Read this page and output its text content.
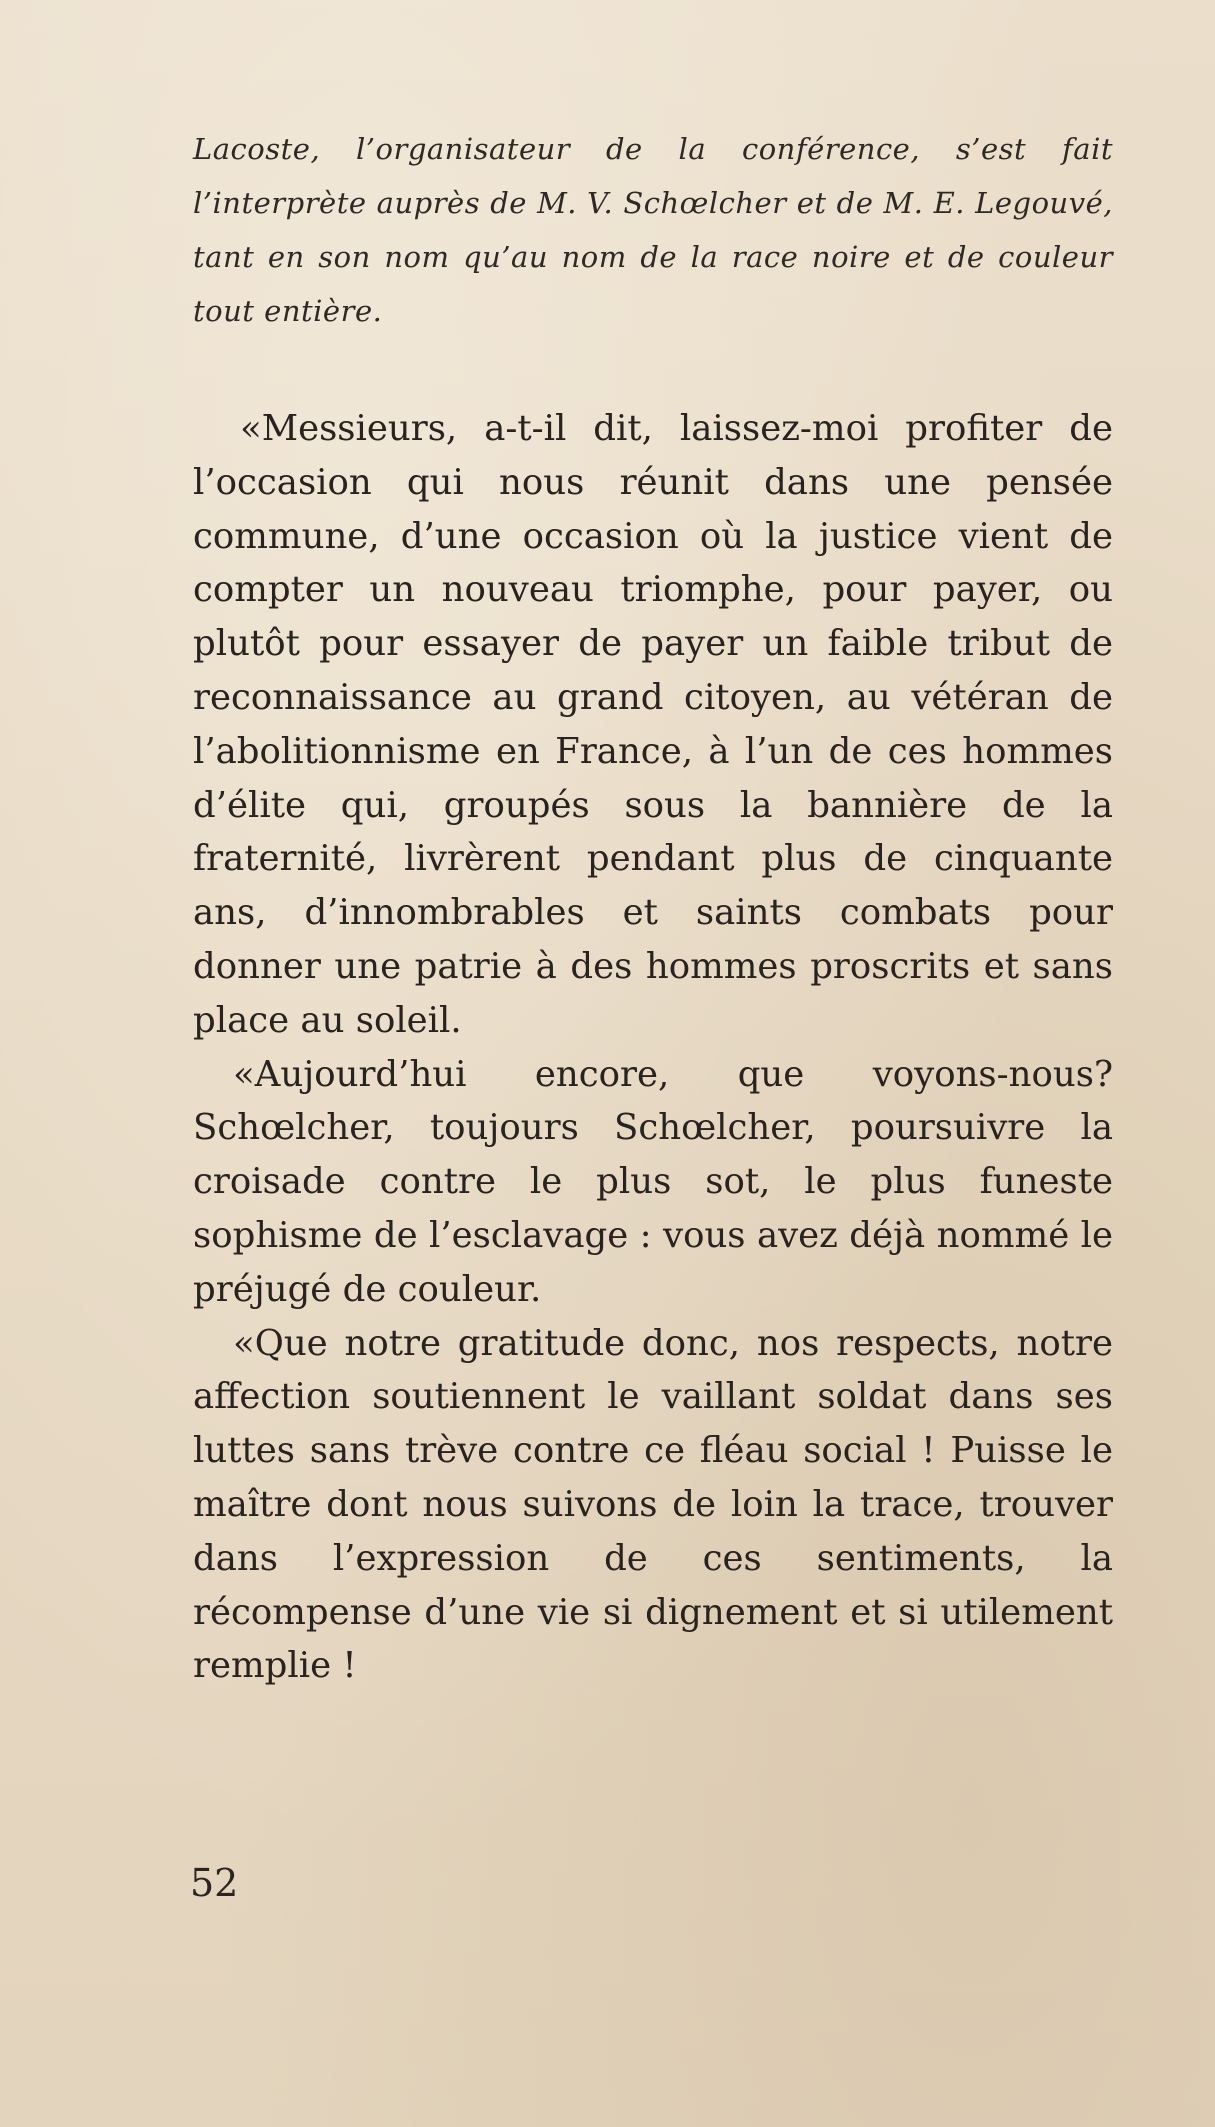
Lacoste, l’organisateur de la conférence, s’est fait l’interprète auprès de M. V. Schœlcher et de M. E. Legouvé, tant en son nom qu’au nom de la race noire et de couleur tout entière.

«Messieurs, a-t-il dit, laissez-moi profiter de l’occasion qui nous réunit dans une pensée commune, d’une occasion où la justice vient de compter un nouveau triomphe, pour payer, ou plutôt pour essayer de payer un faible tribut de reconnaissance au grand citoyen, au vétéran de l’abolitionnisme en France, à l’un de ces hommes d’élite qui, groupés sous la bannière de la fraternité, livrèrent pendant plus de cinquante ans, d’innombrables et saints combats pour donner une patrie à des hommes proscrits et sans place au soleil.

«Aujourd’hui encore, que voyons-nous? Schœlcher, toujours Schœlcher, poursuivre la croisade contre le plus sot, le plus funeste sophisme de l’esclavage : vous avez déjà nommé le préjugé de couleur.

«Que notre gratitude donc, nos respects, notre affection soutiennent le vaillant soldat dans ses luttes sans trève contre ce fléau social ! Puisse le maître dont nous suivons de loin la trace, trouver dans l’expression de ces sentiments, la récompense d’une vie si dignement et si utilement remplie !

52
